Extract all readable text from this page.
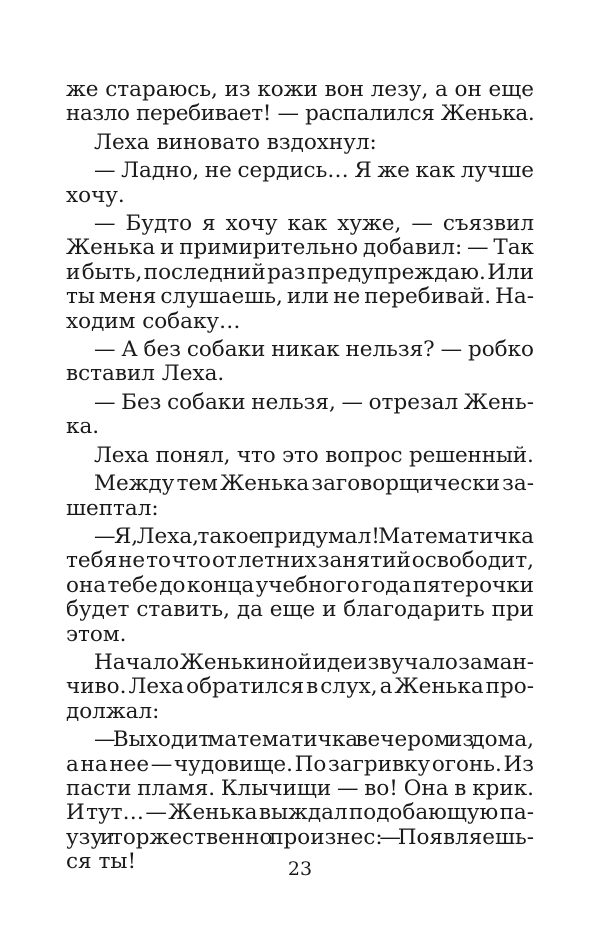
же стараюсь, из кожи вон лезу, а он еще
назло перебивает! — распалился Женька.
Леха виновато вздохнул:
— Ладно, не сердись… Я же как лучше
хочу.
— Будто я хочу как хуже, — съязвил
Женька и примирительно добавил: — Так
и быть, последний раз предупреждаю. Или
ты меня слушаешь, или не перебивай. На-
ходим собаку…
— А без собаки никак нельзя? — робко
вставил Леха.
— Без собаки нельзя, — отрезал Жень-
ка.
Леха понял, что это вопрос решенный.
Между тем Женька заговорщически за-
шептал:
— Я, Леха, такое придумал! Математичка
тебя не то что от летних занятий освободит,
она тебе до конца учебного года пятерочки
будет ставить, да еще и благодарить при
этом.
Начало Женькиной идеи звучало заман-
чиво. Леха обратился в слух, а Женька про-
должал:
— Выходит математичка вечером из дома,
а на нее — чудовище. По загривку огонь. Из
пасти пламя. Клычищи — во! Она в крик.
И тут… — Женька выждал подобающую па-
узу и торжественно произнес: — Появляешь-
ся ты!	23
